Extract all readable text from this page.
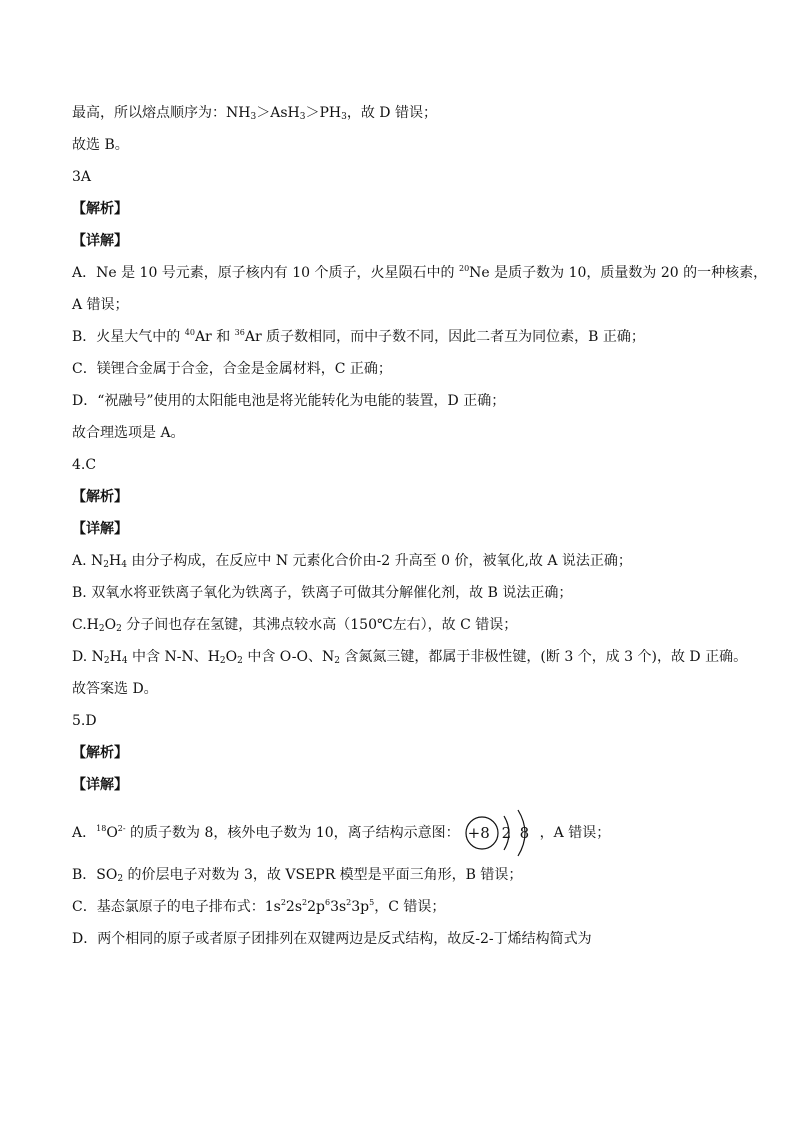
最高，所以熔点顺序为：$NH_3>AsH_3>PH_3$，故 D 错误；
故选 B。
3A
【解析】
【详解】
A．Ne 是 10 号元素，原子核内有 10 个质子，火星陨石中的 $^{20}$Ne 是质子数为 10，质量数为 20 的一种核素，
A 错误；
B．火星大气中的 $^{40}$Ar 和 $^{36}$Ar 质子数相同，而中子数不同，因此二者互为同位素，B 正确；
C．镁锂合金属于合金，合金是金属材料，C 正确；
D．“祝融号”使用的太阳能电池是将光能转化为电能的装置，D 正确；
故合理选项是 A。
4.C
【解析】
【详解】
A. $N_2H_4$ 由分子构成，在反应中 N 元素化合价由-2 升高至 0 价，被氧化,故 A 说法正确；
B. 双氧水将亚铁离子氧化为铁离子，铁离子可做其分解催化剂，故 B 说法正确；
$C.H_2O_2$ 分子间也存在氢键，其沸点较水高（150℃左右），故 C 错误；
D. $N_2H_4$ 中含 N-N、$H_2O_2$ 中含 O-O、$N_2$ 含氮氮三键，都属于非极性键，(断 3 个，成 3 个)，故 D 正确。
故答案选 D。
5.D
【解析】
【详解】
A．$^{18}O^{2-}$ 的质子数为 8，核外电子数为 10，离子结构示意图： +8 2 8 ，A 错误；
B．$SO_2$ 的价层电子对数为 3，故 VSEPR 模型是平面三角形，B 错误；
C．基态氯原子的电子排布式：$1s^22s^22p^63s^23p^5$，C 错误；
D．两个相同的原子或者原子团排列在双键两边是反式结构，故反-2-丁烯结构简式为
